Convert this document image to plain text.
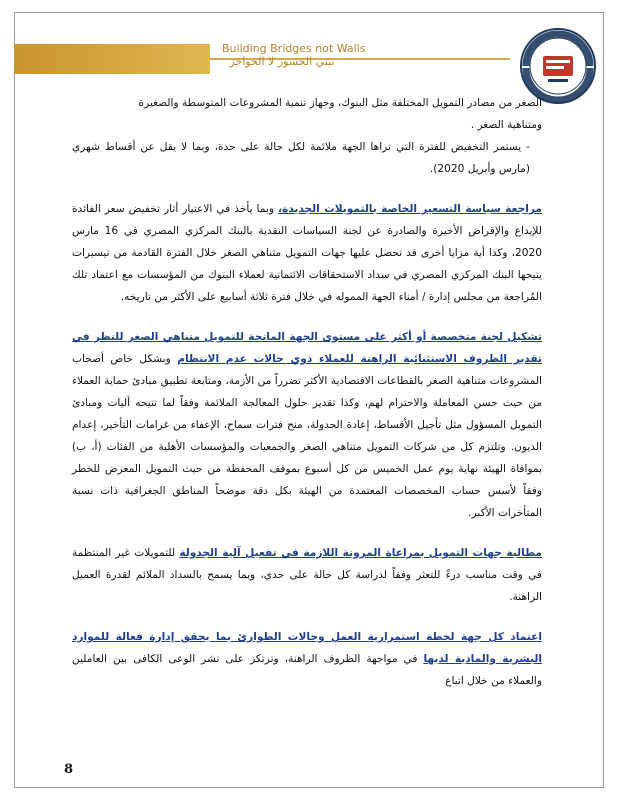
Building Bridges not Walls
نبني الجسور لا الحواجز

الصغر من مصادر التمويل المختلفة مثل البنوك، وجهاز تنمية المشروعات المتوسطة والصغيرة
ومتناهية الصغر .

- يستمر التخفيض للفترة التي تراها الجهة ملائمة لكل حالة على حدة، وبما لا يقل عن أقساط شهري (مارس وأبريل 2020).

مراجعة سياسة التسعير الخاصة بالتمويلات الجديدة، وبما يأخذ في الاعتبار أثار تخفيض سعر الفائدة للإيداع والإقراض الأخيرة والصادرة عن لجنة السياسات النقدية بالبنك المركزي المصري في 16 مارس 2020، وكذا أية مزايا أخرى قد تحصل عليها جهات التمويل متناهي الصغر خلال الفترة القادمة من تيسيرات يتيحها البنك المركزي المصري في سداد الاستحقاقات الائتمانية لعملاء البنوك من المؤسسات مع اعتماد تلك المُراجعة من مجلس إدارة / أمناء الجهة المموله في خلال فترة ثلاثة أسابيع على الأكثر من تاريخه.

تشكيل لجنة متخصصة أو أكثر على مستوى الجهة المانحة للتمويل متناهي الصغر للنظر في تقدير الظروف الاستثنائية الراهنة للعملاء ذوي حالات عدم الانتظام وبشكل خاص أصحاب المشروعات متناهية الصغر بالقطاعات الاقتصادية الأكثر تضرراً من الأزمة، ومتابعة تطبيق مبادئ حماية العملاء من حيث حسن المعاملة والاحترام لهم، وكذا تقدير حلول المعالجة الملائمة وفقاً لما تتيحه أليات ومبادئ التمويل المسؤول مثل تأجيل الأقساط، إعادة الجدولة، منح فترات سماح، الإعفاء من غرامات التأخير، إعدام الديون. وتلتزم كل من شركات التمويل متناهي الصغر والجمعيات والمؤسسات الأهلية من الفئات (أ، ب) بموافاة الهيئة نهاية يوم عمل الخميس من كل أسبوع بموقف المحفظة من حيث التمويل المعرض للخطر وفقاً لأسس حساب المخصصات المعتمدة من الهيئة بكل دقة موضحاً المناطق الجغرافية ذات نسبة المتأخرات الأكبر.

مطالبة جهات التمويل بمراعاة المرونة اللازمة في تفعيل آلية الجدولة للتمويلات غير المنتظمة في وقت مناسب درءً للتعثر وفقاً لدراسة كل حالة على حدي، وبما يسمح بالسداد الملائم لقدرة العميل الراهنة.

اعتماد كل جهة لخطة استمرارية العمل وحالات الطوارئ بما يحقق إدارة فعالة للموارد البشرية والمادية لديها في مواجهة الظروف الراهنة، وترتكز على نشر الوعى الكافى بين العاملين والعملاء من خلال اتباع

8
